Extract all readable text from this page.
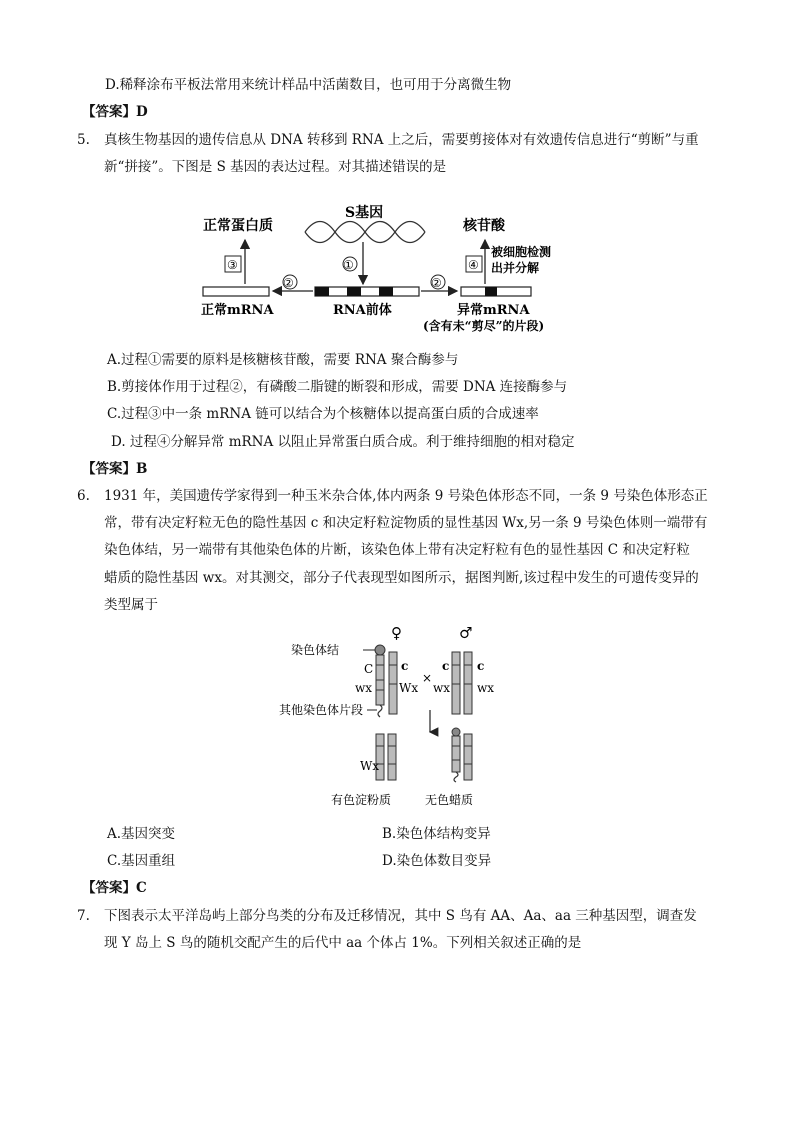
D.稀释涂布平板法常用来统计样品中活菌数目，也可用于分离微生物
【答案】D
5. 真核生物基因的遗传信息从 DNA 转移到 RNA 上之后，需要剪接体对有效遗传信息进行“剪断”与重
新“拼接”。下图是 S 基因的表达过程。对其描述错误的是
正常蛋白质
S基因
核苷酸
①
②
③
②
④
被细胞检测
出并分解
正常mRNA	RNA前体	异常mRNA
(含有未“剪尽”的片段)
A.过程①需要的原料是核糖核苷酸，需要 RNA 聚合酶参与
B.剪接体作用于过程②，有磷酸二脂键的断裂和形成，需要 DNA 连接酶参与
C.过程③中一条 mRNA 链可以结合为个核糖体以提高蛋白质的合成速率
D. 过程④分解异常 mRNA 以阻止异常蛋白质合成。利于维持细胞的相对稳定
【答案】B
6. 1931 年，美国遗传学家得到一种玉米杂合体,体内两条 9 号染色体形态不同，一条 9 号染色体形态正
常，带有决定籽粒无色的隐性基因 c 和决定籽粒淀物质的显性基因 Wx,另一条 9 号染色体则一端带有
染色体结，另一端带有其他染色体的片断，该染色体上带有决定籽粒有色的显性基因 C 和决定籽粒
蜡质的隐性基因 wx。对其测交，部分子代表现型如图所示，据图判断,该过程中发生的可遗传变异的
类型属于
♀	♂
染色体结
C
wx
c
Wx
×
c
wx
c
wx
其他染色体片段
Wx
有色淀粉质	无色蜡质
A.基因突变	B.染色体结构变异
C.基因重组	D.染色体数目变异
【答案】C
7. 下图表示太平洋岛屿上部分鸟类的分布及迁移情况，其中 S 鸟有 AA、Aa、aa 三种基因型，调查发
现 Y 岛上 S 鸟的随机交配产生的后代中 aa 个体占 1%。下列相关叙述正确的是
